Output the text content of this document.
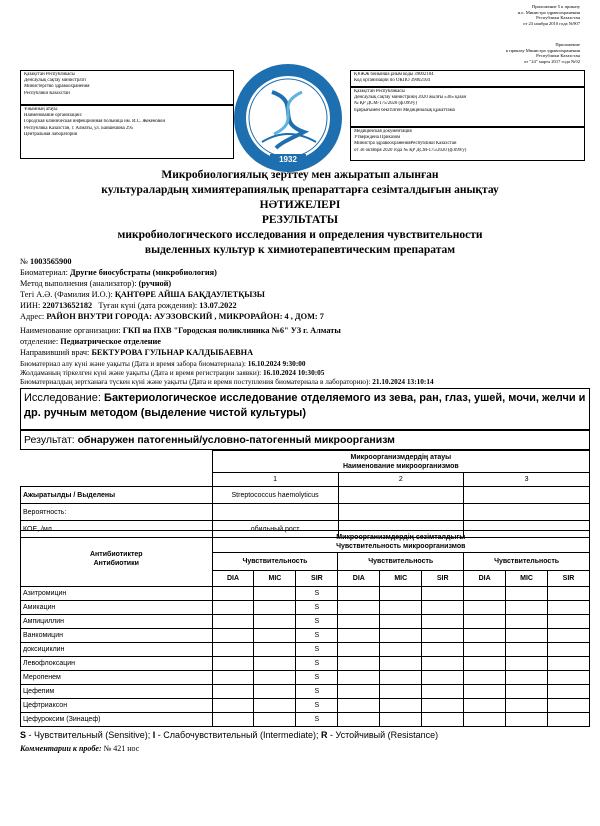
Приложение 5 к приказу
и.о. Министра здравоохранения
Республики Казахстан
от 23 ноября 2010 года №907
Приложение
к приказу Министра здравоохранения
Республики Казахстан
от "24" марта 2017 года №92
Қазақстан Республикасы
Денсаулық сақтау министрлігі
Министерство здравоохранения
Республики Казахстан
Ұйымның атауы
Наименование организации:
Городская клиническая инфекционная больница им. И.С. Жекеновой
Республика Казахстан, г. Алматы, ул. Байшешова 295
Центральная лаборатория
1932
ҚҰЖЖ бойынша ұйым коды 39002104
Код организации по ОКПО 39002104
Қазақстан Республикасы
Денсаулық сақтау министрінің 2020 жылғы «30» қазан
№ ҚР ДСМ-175/2020 (ф.099/у)
бұйрығымен бекітілген Медициналық құжаттама
Медицинская документация
Утверждена Приказом
Министра здравоохраненияРеспублики Казахстан
от 30 октября 2020 года № ҚР ДСМ-175/2020 (ф.099/у)
Микробиологиялық зерттеу мен ажыратып алынған
культуралардың химиятерапиялық препараттарға сезімталдығын анықтау
НӘТИЖЕЛЕРІ
РЕЗУЛЬТАТЫ
микробиологического исследования и определения чувствительности
выделенных культур к химиотерапевтическим препаратам
№ 1003565900
Биоматериал: Другие биосубстраты (микробиология)
Метод выполнения (анализатор): (ручной)
Тегі А.Ә. (Фамилия И.О.): ҚАНТӨРЕ АЙША БАҚДАУЛЕТҚЫЗЫ
ИИН: 220713652182 Туған күні (дата рождения): 13.07.2022
Адрес: РАЙОН ВНУТРИ ГОРОДА: АУЭЗОВСКИЙ , МИКРОРАЙОН: 4 , ДОМ: 7
Наименование организации: ГКП на ПХВ "Городская поликлиника №6" УЗ г. Алматы
отделение: Педиатрическое отделение
Направивший врач: БЕКТУРОВА ГУЛЬНАР КАЛДЫБАЕВНА
Биоматериал алу күні және уақыты (Дата и время забора биоматериала): 16.10.2024 9:30:00
Жолдаманың тіркелген күні және уақыты (Дата и время регистрации заявки): 16.10.2024 10:30:05
Исследование: Бактериологическое исследование отделяемого из зева, ран, глаз, ушей, мочи, желчи и др. ручным методом (выделение чистой культуры)
Биоматериалдың зертханаға түскен күні және уақыты (Дата и время поступления биоматериала в лабораторию): 21.10.2024 13:10:14
Результат: обнаружен патогенный/условно-патогенный микроорганизм
	Микроорганизмдердің атауы
Наименование микроорганизмов		
	1	2	3
Ажыратылды / Выделены	Streptococcus haemolyticus		
Вероятность:			
КОЕ, /мл	обильный рост		
Антибиотиктер
Антибиотики	Микроорганизмдердің сезімталдығы
Чувствительность микроорганизмов								
	Чувствительность			Чувствительность			Чувствительность		
	DIA	MIC	SIR	DIA	MIC	SIR	DIA	MIC	SIR
Азитромицин			S						
Амикацин			S						
Ампициллин			S						
Ванкомицин			S						
доксициклин			S						
Левофлоксацин			S						
Меропенем			S						
Цефепим			S						
Цефтриаксон			S						
Цефуроксим (Зинацеф)			S						
S - Чувствительный (Sensitive); I - Слабочувствительный (Intermediate); R - Устойчивый (Resistance)
Комментарии к пробе: № 421 нос
